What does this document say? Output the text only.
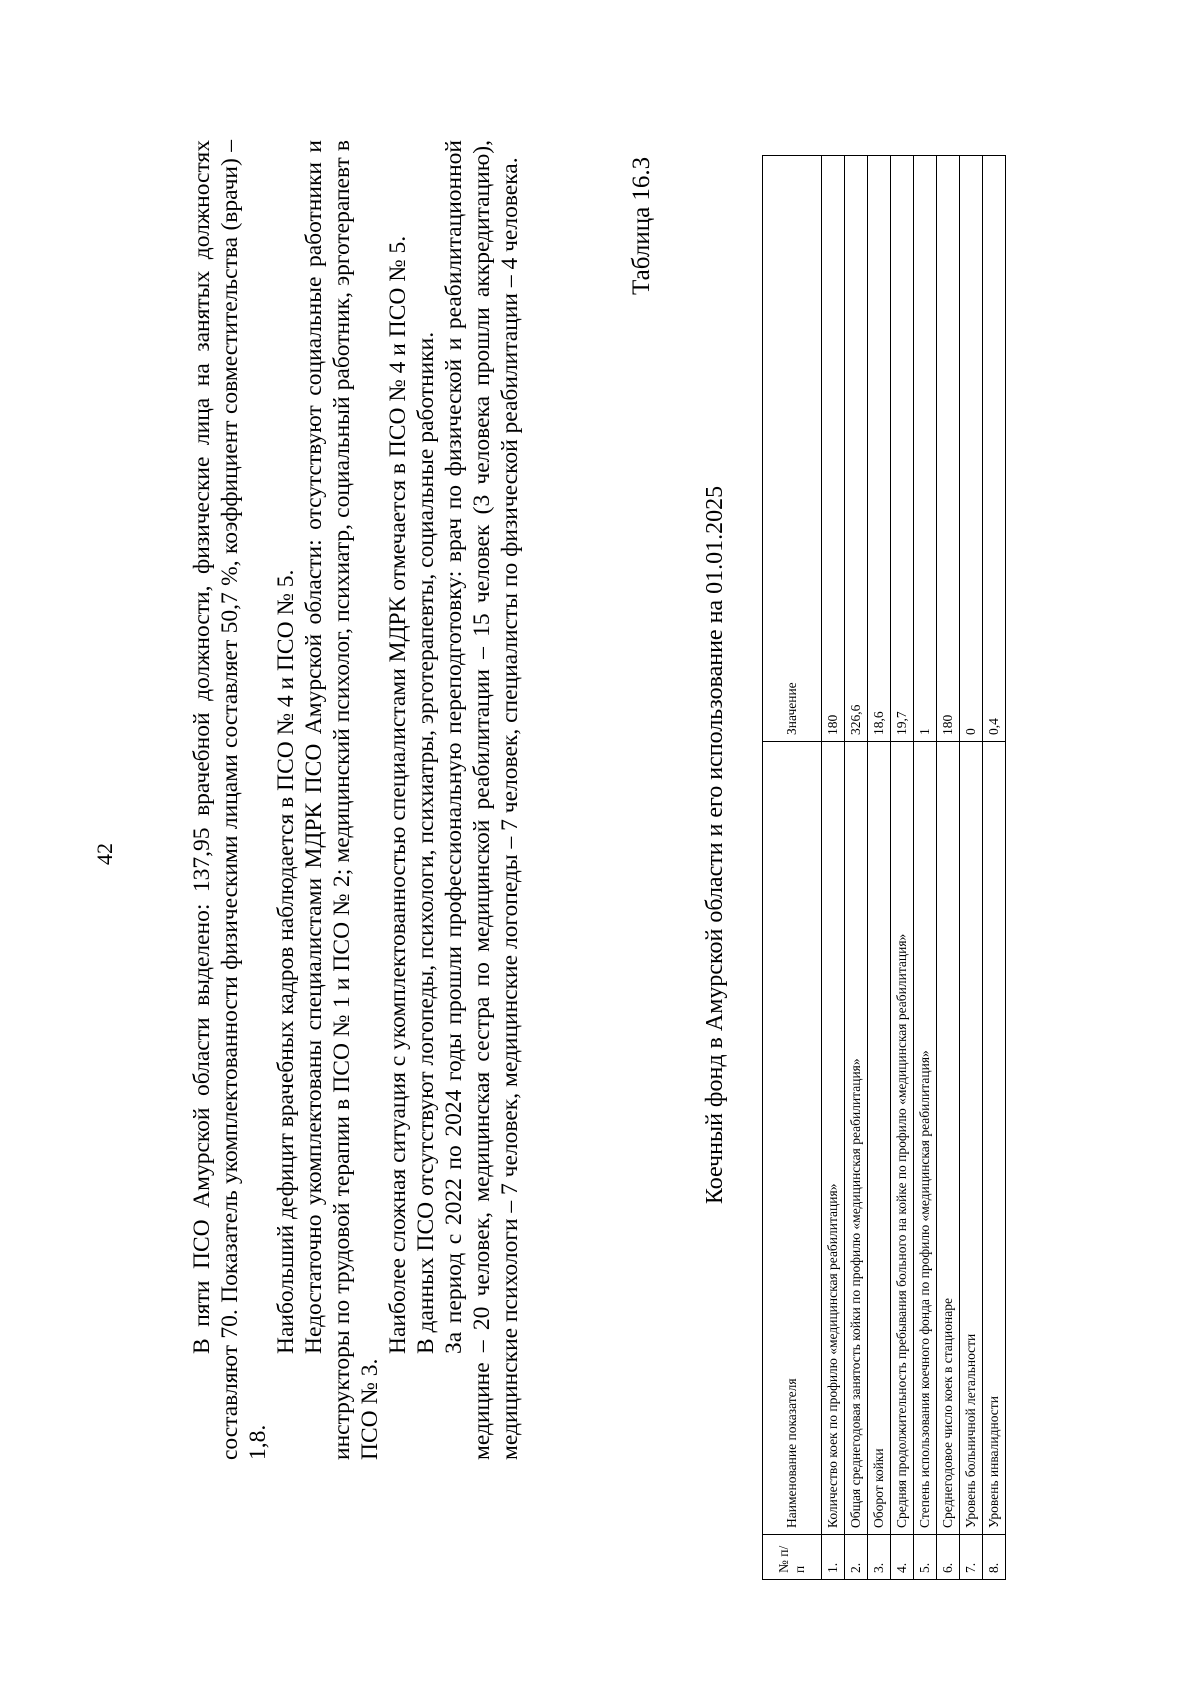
42	В пяти ПСО Амурской области выделено: 137,95 врачебной должности, физические лица на занятых должностях составляют 70. Показатель укомплектованности физическими лицами составляет 50,7 %, коэффициент совместительства (врачи) – 1,8.

Наибольший дефицит врачебных кадров наблюдается в ПСО № 4 и ПСО № 5. Недостаточно укомплектованы специалистами МДРК ПСО Амурской области: отсутствуют социальные работники и инструкторы по трудовой терапии в ПСО № 1 и ПСО № 2; медицинский психолог, психиатр, социальный работник, эрготерапевт в ПСО № 3.

Наиболее сложная ситуация с укомплектованностью специалистами МДРК отмечается в ПСО № 4 и ПСО № 5. В данных ПСО отсутствуют логопеды, психологи, психиатры, эрготерапевты, социальные работники. За период с 2022 по 2024 годы прошли профессиональную переподготовку: врач по физической и реабилитационной медицине – 20 человек, медицинская сестра по медицинской реабилитации – 15 человек (3 человека прошли аккредитацию), медицинские психологи – 7 человек, медицинские логопеды – 7 человек, специалисты по физической реабилитации – 4 человека.	Таблица 16.3
Коечный фонд в Амурской области и его использование на 01.01.2025
№ п/п	Наименование показателя	Значение
1.	Количество коек по профилю «медицинская реабилитация»	180
2.	Общая среднегодовая занятость койки по профилю «медицинская реабилитация»	326,6
3.	Оборот койки	18,6
4.	Средняя продолжительность пребывания больного на койке по профилю «медицинская реабилитация»	19,7
5.	Степень использования коечного фонда по профилю «медицинская реабилитация»	1
6.	Среднегодовое число коек в стационаре	180
7.	Уровень больничной летальности	0
8.	Уровень инвалидности	0,4
